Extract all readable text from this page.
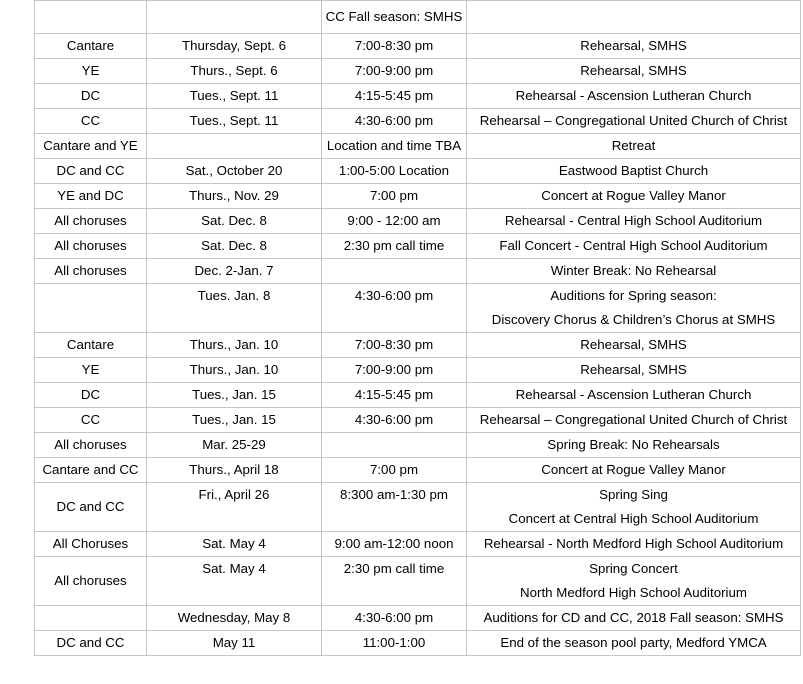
		CC Fall season: SMHS	
Cantare	Thursday, Sept. 6	7:00-8:30 pm	Rehearsal, SMHS
YE	Thurs., Sept. 6	7:00-9:00 pm	Rehearsal, SMHS
DC	Tues., Sept. 11	4:15-5:45 pm	Rehearsal - Ascension Lutheran Church
CC	Tues., Sept. 11	4:30-6:00 pm	Rehearsal – Congregational United Church of Christ
Cantare and YE		Location and time TBA	Retreat
DC and CC	Sat., October 20	1:00-5:00 Location	Eastwood Baptist Church
YE and DC	Thurs., Nov. 29	7:00 pm	Concert at Rogue Valley Manor
All choruses	Sat. Dec. 8	9:00 - 12:00 am	Rehearsal - Central High School Auditorium
All choruses	Sat. Dec. 8	2:30 pm call time	Fall Concert - Central High School Auditorium
All choruses	Dec. 2-Jan. 7		Winter Break: No Rehearsal
	Tues. Jan. 8	4:30-6:00 pm	Auditions for Spring season:
Discovery Chorus & Children’s Chorus at SMHS

Cantare	Thurs., Jan. 10	7:00-8:30 pm	Rehearsal, SMHS
YE	Thurs., Jan. 10	7:00-9:00 pm	Rehearsal, SMHS
DC	Tues., Jan. 15	4:15-5:45 pm	Rehearsal - Ascension Lutheran Church
CC	Tues., Jan. 15	4:30-6:00 pm	Rehearsal – Congregational United Church of Christ
All choruses	Mar. 25-29		Spring Break: No Rehearsals
Cantare and CC	Thurs., April 18	7:00 pm	Concert at Rogue Valley Manor
DC and CC	Fri., April 26	8:300 am-1:30 pm	Spring Sing
Concert at Central High School Auditorium

All Choruses	Sat. May 4	9:00 am-12:00 noon	Rehearsal - North Medford High School Auditorium
All choruses	Sat. May 4	2:30 pm call time	Spring Concert
North Medford High School Auditorium

	Wednesday, May 8	4:30-6:00 pm	Auditions for CD and CC, 2018 Fall season: SMHS
DC and CC	May 11	11:00-1:00	End of the season pool party, Medford YMCA
